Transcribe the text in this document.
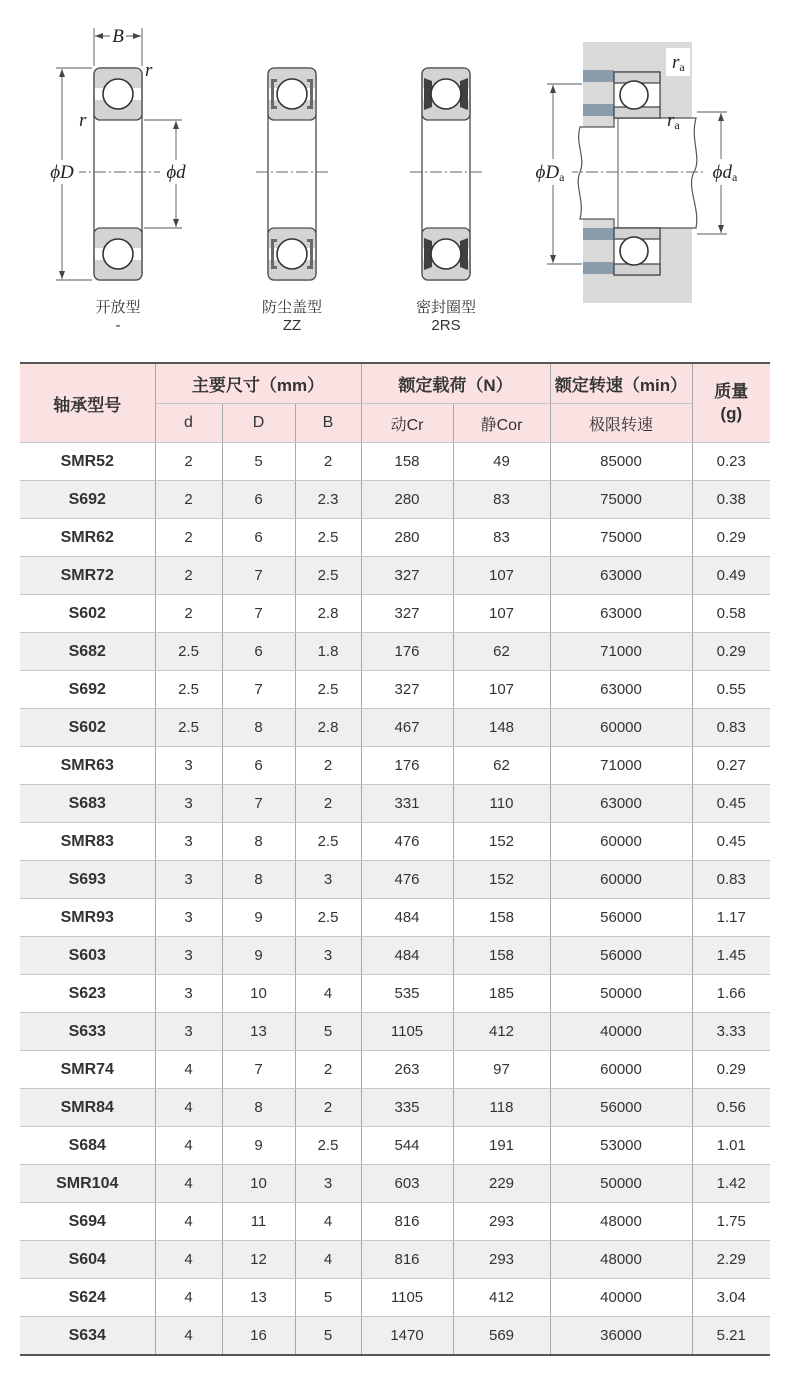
B
r
r
ϕD	ϕd
ra
ra
ϕDa	ϕda
开放型
-
防尘盖型
ZZ
密封圈型
2RS
轴承型号	主要尺寸（mm）			额定载荷（N）		额定转速（min）	质量
(g)
	d	D	B	动Cr	静Cor	极限转速	
SMR52	2	5	2	158	49	85000	0.23
S692	2	6	2.3	280	83	75000	0.38
SMR62	2	6	2.5	280	83	75000	0.29
SMR72	2	7	2.5	327	107	63000	0.49
S602	2	7	2.8	327	107	63000	0.58
S682	2.5	6	1.8	176	62	71000	0.29
S692	2.5	7	2.5	327	107	63000	0.55
S602	2.5	8	2.8	467	148	60000	0.83
SMR63	3	6	2	176	62	71000	0.27
S683	3	7	2	331	110	63000	0.45
SMR83	3	8	2.5	476	152	60000	0.45
S693	3	8	3	476	152	60000	0.83
SMR93	3	9	2.5	484	158	56000	1.17
S603	3	9	3	484	158	56000	1.45
S623	3	10	4	535	185	50000	1.66
S633	3	13	5	1105	412	40000	3.33
SMR74	4	7	2	263	97	60000	0.29
SMR84	4	8	2	335	118	56000	0.56
S684	4	9	2.5	544	191	53000	1.01
SMR104	4	10	3	603	229	50000	1.42
S694	4	11	4	816	293	48000	1.75
S604	4	12	4	816	293	48000	2.29
S624	4	13	5	1105	412	40000	3.04
S634	4	16	5	1470	569	36000	5.21
